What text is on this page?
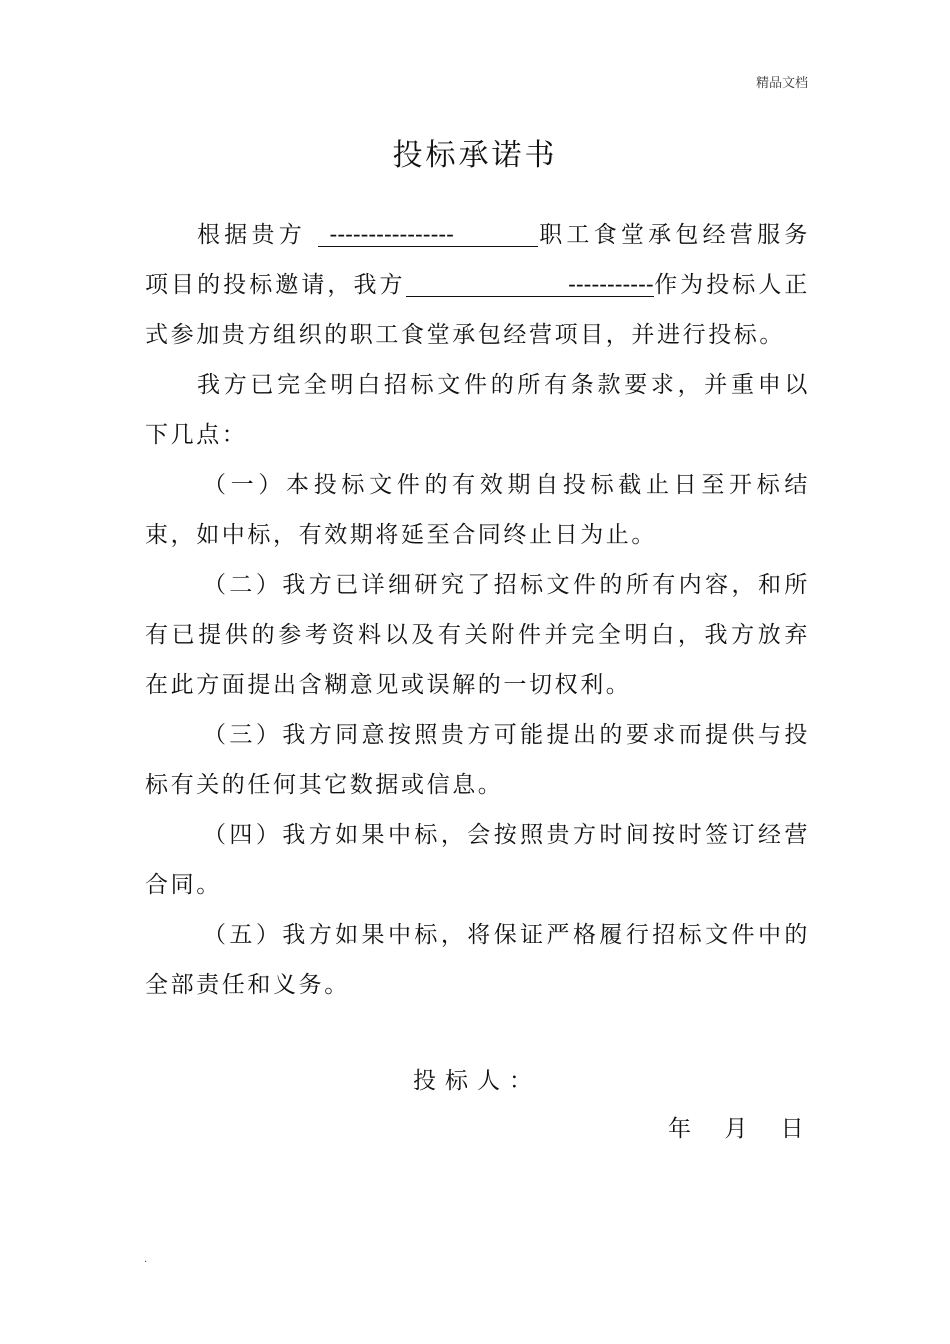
精品文档
投标承诺书

根据贵方 ----------------	职工食堂承包经营服务项目的投标邀请，我方	-----------作为投标人正式参加贵方组织的职工食堂承包经营项目，并进行投标。

我方已完全明白招标文件的所有条款要求，并重申以下几点：

（一）本投标文件的有效期自投标截止日至开标结束，如中标，有效期将延至合同终止日为止。

（二）我方已详细研究了招标文件的所有内容，和所有已提供的参考资料以及有关附件并完全明白，我方放弃在此方面提出含糊意见或误解的一切权利。

（三）我方同意按照贵方可能提出的要求而提供与投标有关的任何其它数据或信息。

（四）我方如果中标，会按照贵方时间按时签订经营合同。

（五）我方如果中标，将保证严格履行招标文件中的全部责任和义务。

投标人：
年 月 日
.
